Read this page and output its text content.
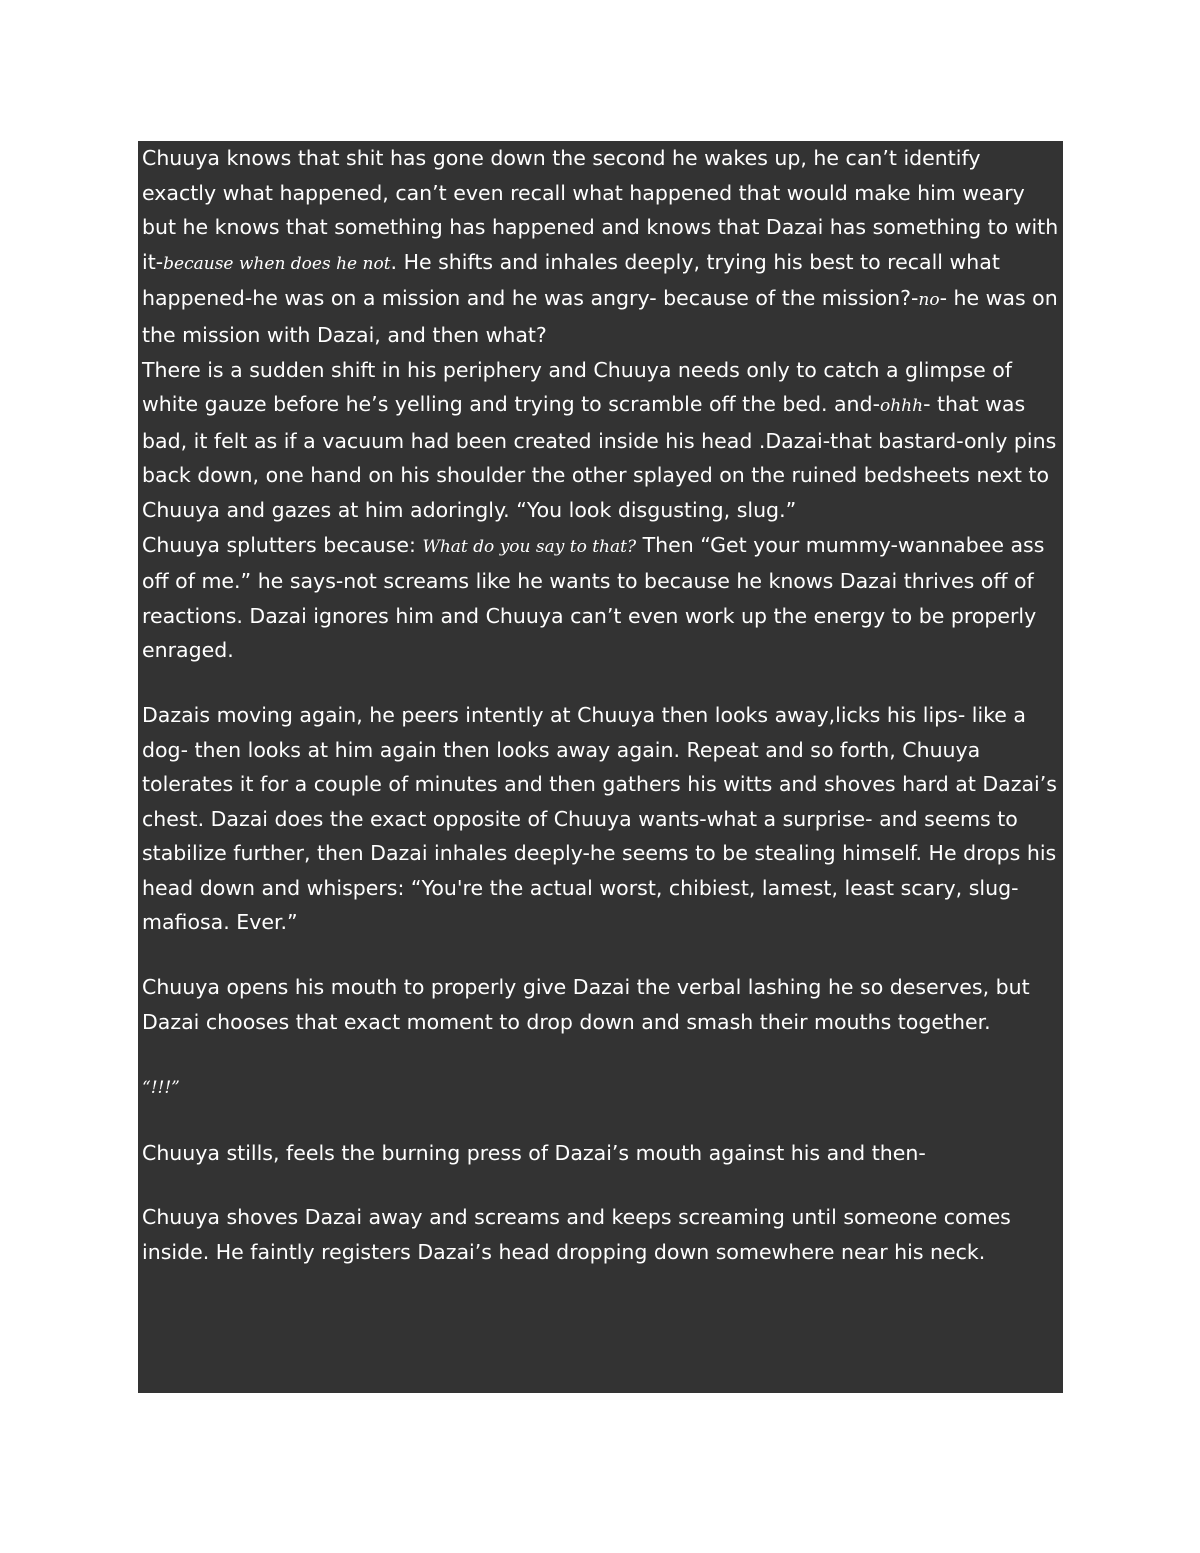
Chuuya knows that shit has gone down the second he wakes up, he can’t identify exactly what happened, can’t even recall what happened that would make him weary but he knows that something has happened and knows that Dazai has something to with it-because when does he not. He shifts and inhales deeply, trying his best to recall what happened-he was on a mission and he was angry- because of the mission?-no- he was on the mission with Dazai, and then what?

There is a sudden shift in his periphery and Chuuya needs only to catch a glimpse of white gauze before he’s yelling and trying to scramble off the bed. and-ohhh- that was bad, it felt as if a vacuum had been created inside his head .Dazai-that bastard-only pins back down, one hand on his shoulder the other splayed on the ruined bedsheets next to Chuuya and gazes at him adoringly. “You look disgusting, slug.”

Chuuya splutters because: What do you say to that? Then “Get your mummy-wannabee ass off of me.” he says-not screams like he wants to because he knows Dazai thrives off of reactions. Dazai ignores him and Chuuya can’t even work up the energy to be properly enraged.

Dazais moving again, he peers intently at Chuuya then looks away,licks his lips- like a dog- then looks at him again then looks away again. Repeat and so forth, Chuuya tolerates it for a couple of minutes and then gathers his witts and shoves hard at Dazai’s chest. Dazai does the exact opposite of Chuuya wants-what a surprise- and seems to stabilize further, then Dazai inhales deeply-he seems to be stealing himself. He drops his head down and whispers: “You're the actual worst, chibiest, lamest, least scary, slug-mafiosa. Ever.”

Chuuya opens his mouth to properly give Dazai the verbal lashing he so deserves, but Dazai chooses that exact moment to drop down and smash their mouths together.

“!!!”

Chuuya stills, feels the burning press of Dazai’s mouth against his and then-

Chuuya shoves Dazai away and screams and keeps screaming until someone comes inside. He faintly registers Dazai’s head dropping down somewhere near his neck.
